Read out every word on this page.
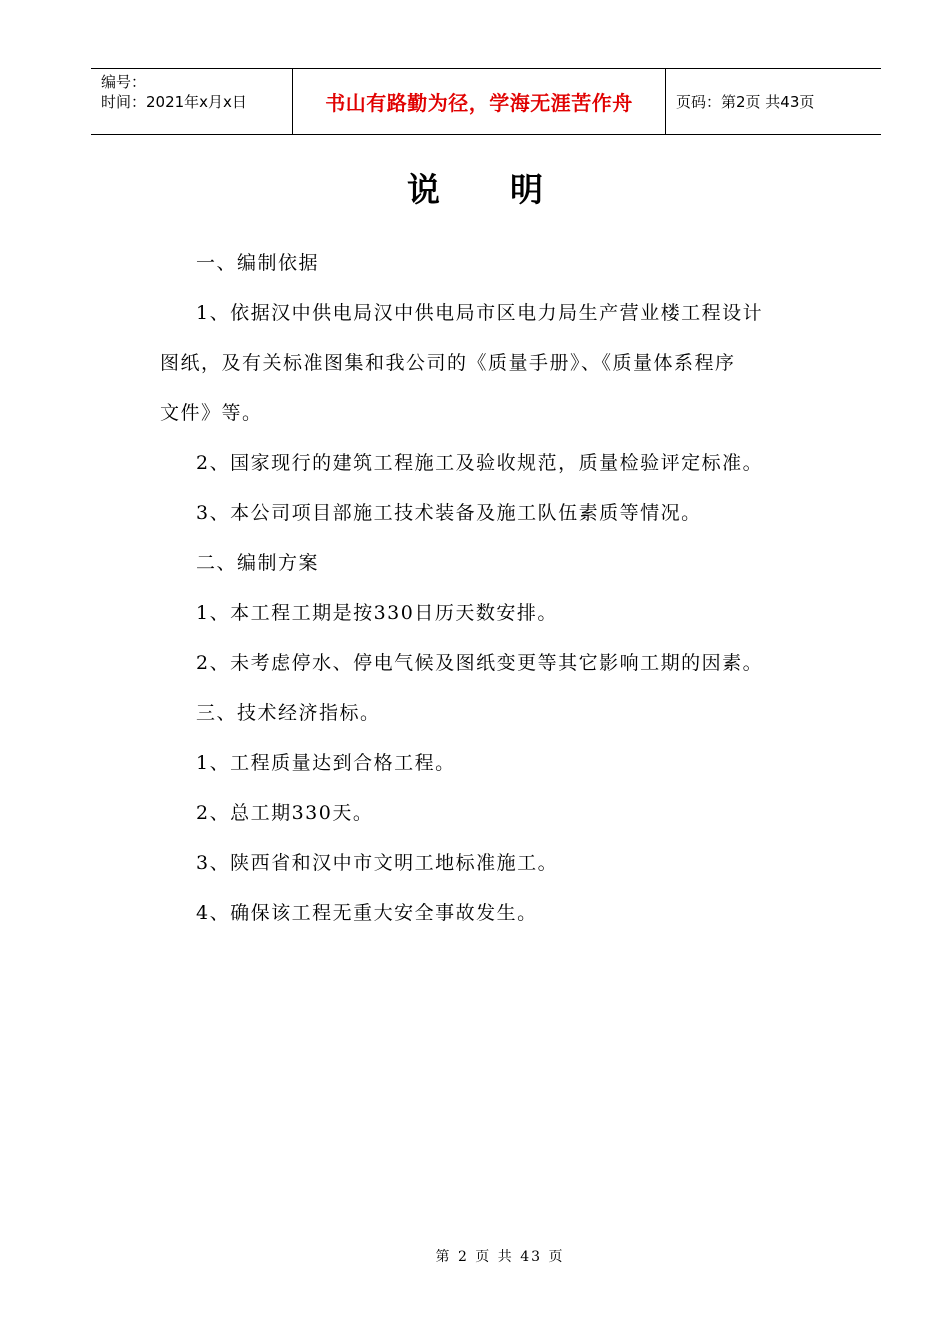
编号：
时间：2021年x月x日	书山有路勤为径，学海无涯苦作舟	页码：第2页 共43页
说明

一、编制依据

1、依据汉中供电局汉中供电局市区电力局生产营业楼工程设计

图纸，及有关标准图集和我公司的《质量手册》、《质量体系程序

文件》等。

2、国家现行的建筑工程施工及验收规范，质量检验评定标准。

3、本公司项目部施工技术装备及施工队伍素质等情况。

二、编制方案

1、本工程工期是按330日历天数安排。

2、未考虑停水、停电气候及图纸变更等其它影响工期的因素。

三、技术经济指标。

1、工程质量达到合格工程。

2、总工期330天。

3、陕西省和汉中市文明工地标准施工。

4、确保该工程无重大安全事故发生。

第 2 页 共 43 页
